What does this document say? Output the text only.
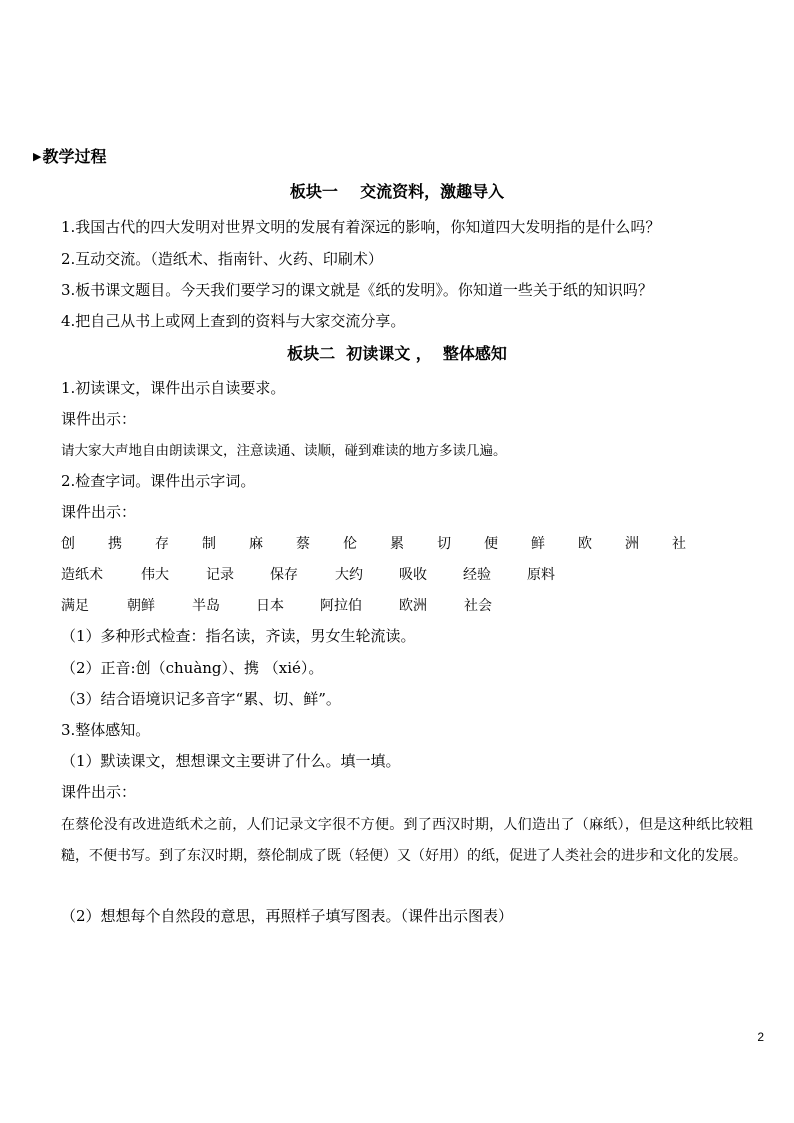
▶教学过程
板块一    交流资料，激趣导入
1.我国古代的四大发明对世界文明的发展有着深远的影响，你知道四大发明指的是什么吗？
2.互动交流。（造纸术、指南针、火药、印刷术）
3.板书课文题目。今天我们要学习的课文就是《纸的发明》。你知道一些关于纸的知识吗？
4.把自己从书上或网上查到的资料与大家交流分享。
板块二  初读课文 ，  整体感知
1.初读课文，课件出示自读要求。
课件出示：
请大家大声地自由朗读课文，注意读通、读顺，碰到难读的地方多读几遍。
2.检查字词。课件出示字词。
课件出示：
创 携 存 制 麻 蔡 伦 累 切 便 鲜 欧 洲 社
造纸术	伟大	记录	保存	大约	吸收	经验	原料
满足	朝鲜	半岛	日本	阿拉伯	欧洲	社会
（1）多种形式检查：指名读，齐读，男女生轮流读。
（2）正音:创（chuàng）、携 （xié）。
（3）结合语境识记多音字“累、切、鲜”。
3.整体感知。
（1）默读课文，想想课文主要讲了什么。填一填。
课件出示：
在蔡伦没有改进造纸术之前，人们记录文字很不方便。到了西汉时期，人们造出了（麻纸），但是这种纸比较粗糙，不便书写。到了东汉时期，蔡伦制成了既（轻便）又（好用）的纸，促进了人类社会的进步和文化的发展。
（2）想想每个自然段的意思，再照样子填写图表。（课件出示图表）
2
